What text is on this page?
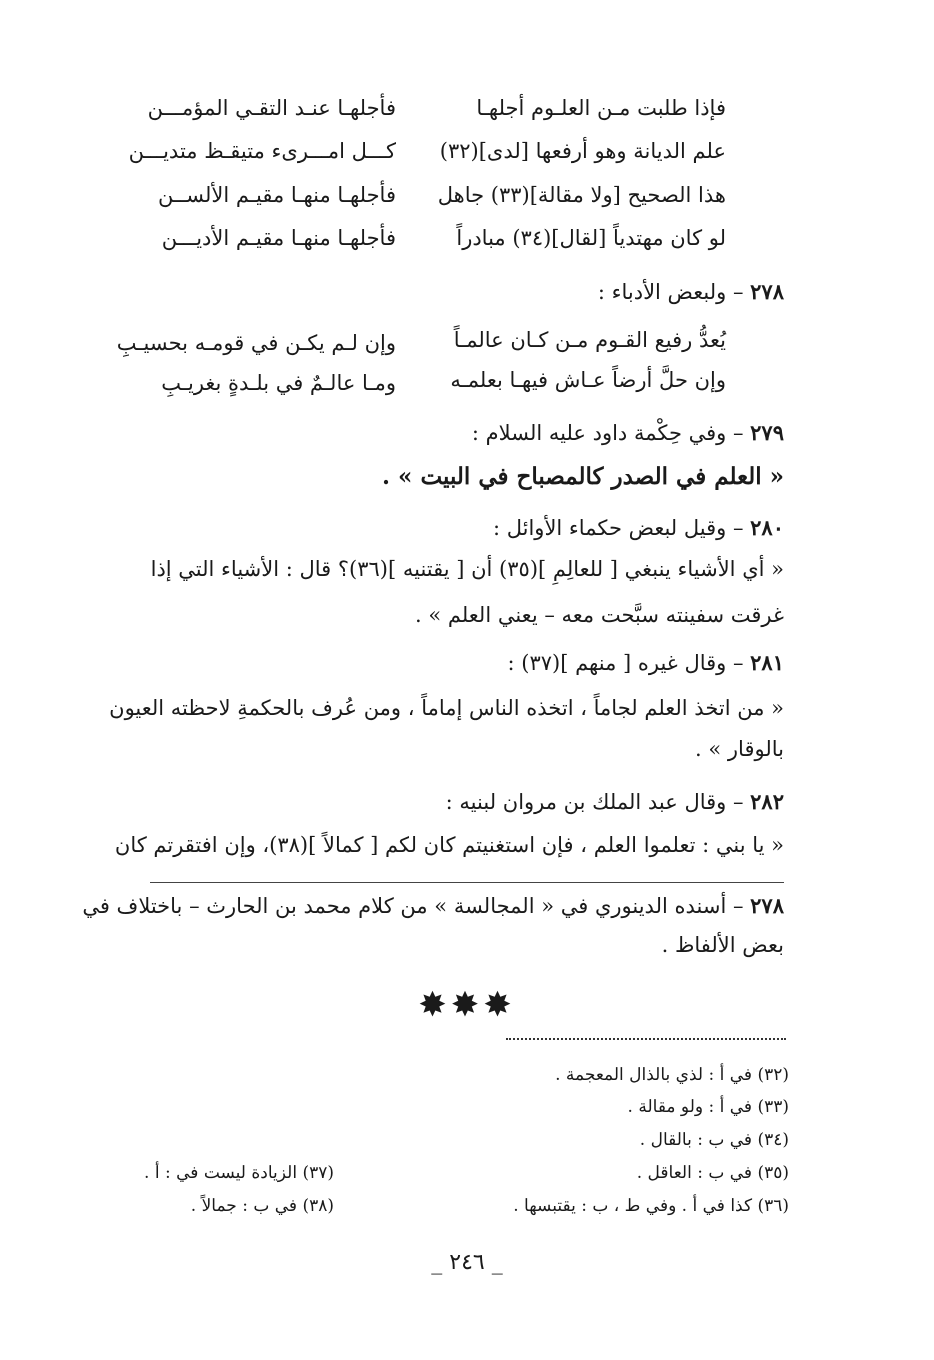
فإذا طلبت مـن العلـوم أجلهـا
فأجلهـا عنـد التقـي المؤمـــن
علم الديانة وهو أرفعها [لدى](٣٢)
كـــل امـــرىء متيقـظ متديـــن
هذا الصحيح [ولا مقالة](٣٣) جاهل
فأجلهـا منهـا مقيـم الألســن
لو كان مهتدياً [لقال](٣٤) مبادراً
فأجلهـا منهـا مقيـم الأديـــن
٢٧٨ – ولبعض الأدباء :
يُعدُّ رفيع القـوم مـن كـان عالمـاً
وإن لـم يكـن في قومـه بحسيـبِ
وإن حلَّ أرضاً عـاش فيهـا بعلمـه
ومـا عالـمٌ في بلـدةٍ بغريـبِ
٢٧٩ – وفي حِكْمة داود عليه السلام :
« العلم في الصدر كالمصباح في البيت » .
٢٨٠ – وقيل لبعض حكماء الأوائل :
« أي الأشياء ينبغي [ للعالِمِ ](٣٥) أن [ يقتنيه ](٣٦)؟ قال : الأشياء التي إذا
غرقت سفينته سبَّحت معه – يعني العلم » .
٢٨١ – وقال غيره [ منهم ](٣٧) :
« من اتخذ العلم لجاماً ، اتخذه الناس إماماً ، ومن عُرف بالحكمةِ لاحظته العيون
بالوقار » .
٢٨٢ – وقال عبد الملك بن مروان لبنيه :
« يا بني : تعلموا العلم ، فإن استغنيتم كان لكم [ كمالاً ](٣٨)، وإن افتقرتم كان
٢٧٨ – أسنده الدينوري في « المجالسة » من كلام محمد بن الحارث – باختلاف في
بعض الألفاظ .
✸✸✸
(٣٢) في أ : لذي بالذال المعجمة .
(٣٣) في أ : ولو مقالة .
(٣٤) في ب : بالقال .
(٣٥) في ب : العاقل .
(٣٦) كذا في أ . وفي ط ، ب : يقتبسها .
(٣٧) الزيادة ليست في : أ .
(٣٨) في ب : جمالاً .
_ ٢٤٦ _
